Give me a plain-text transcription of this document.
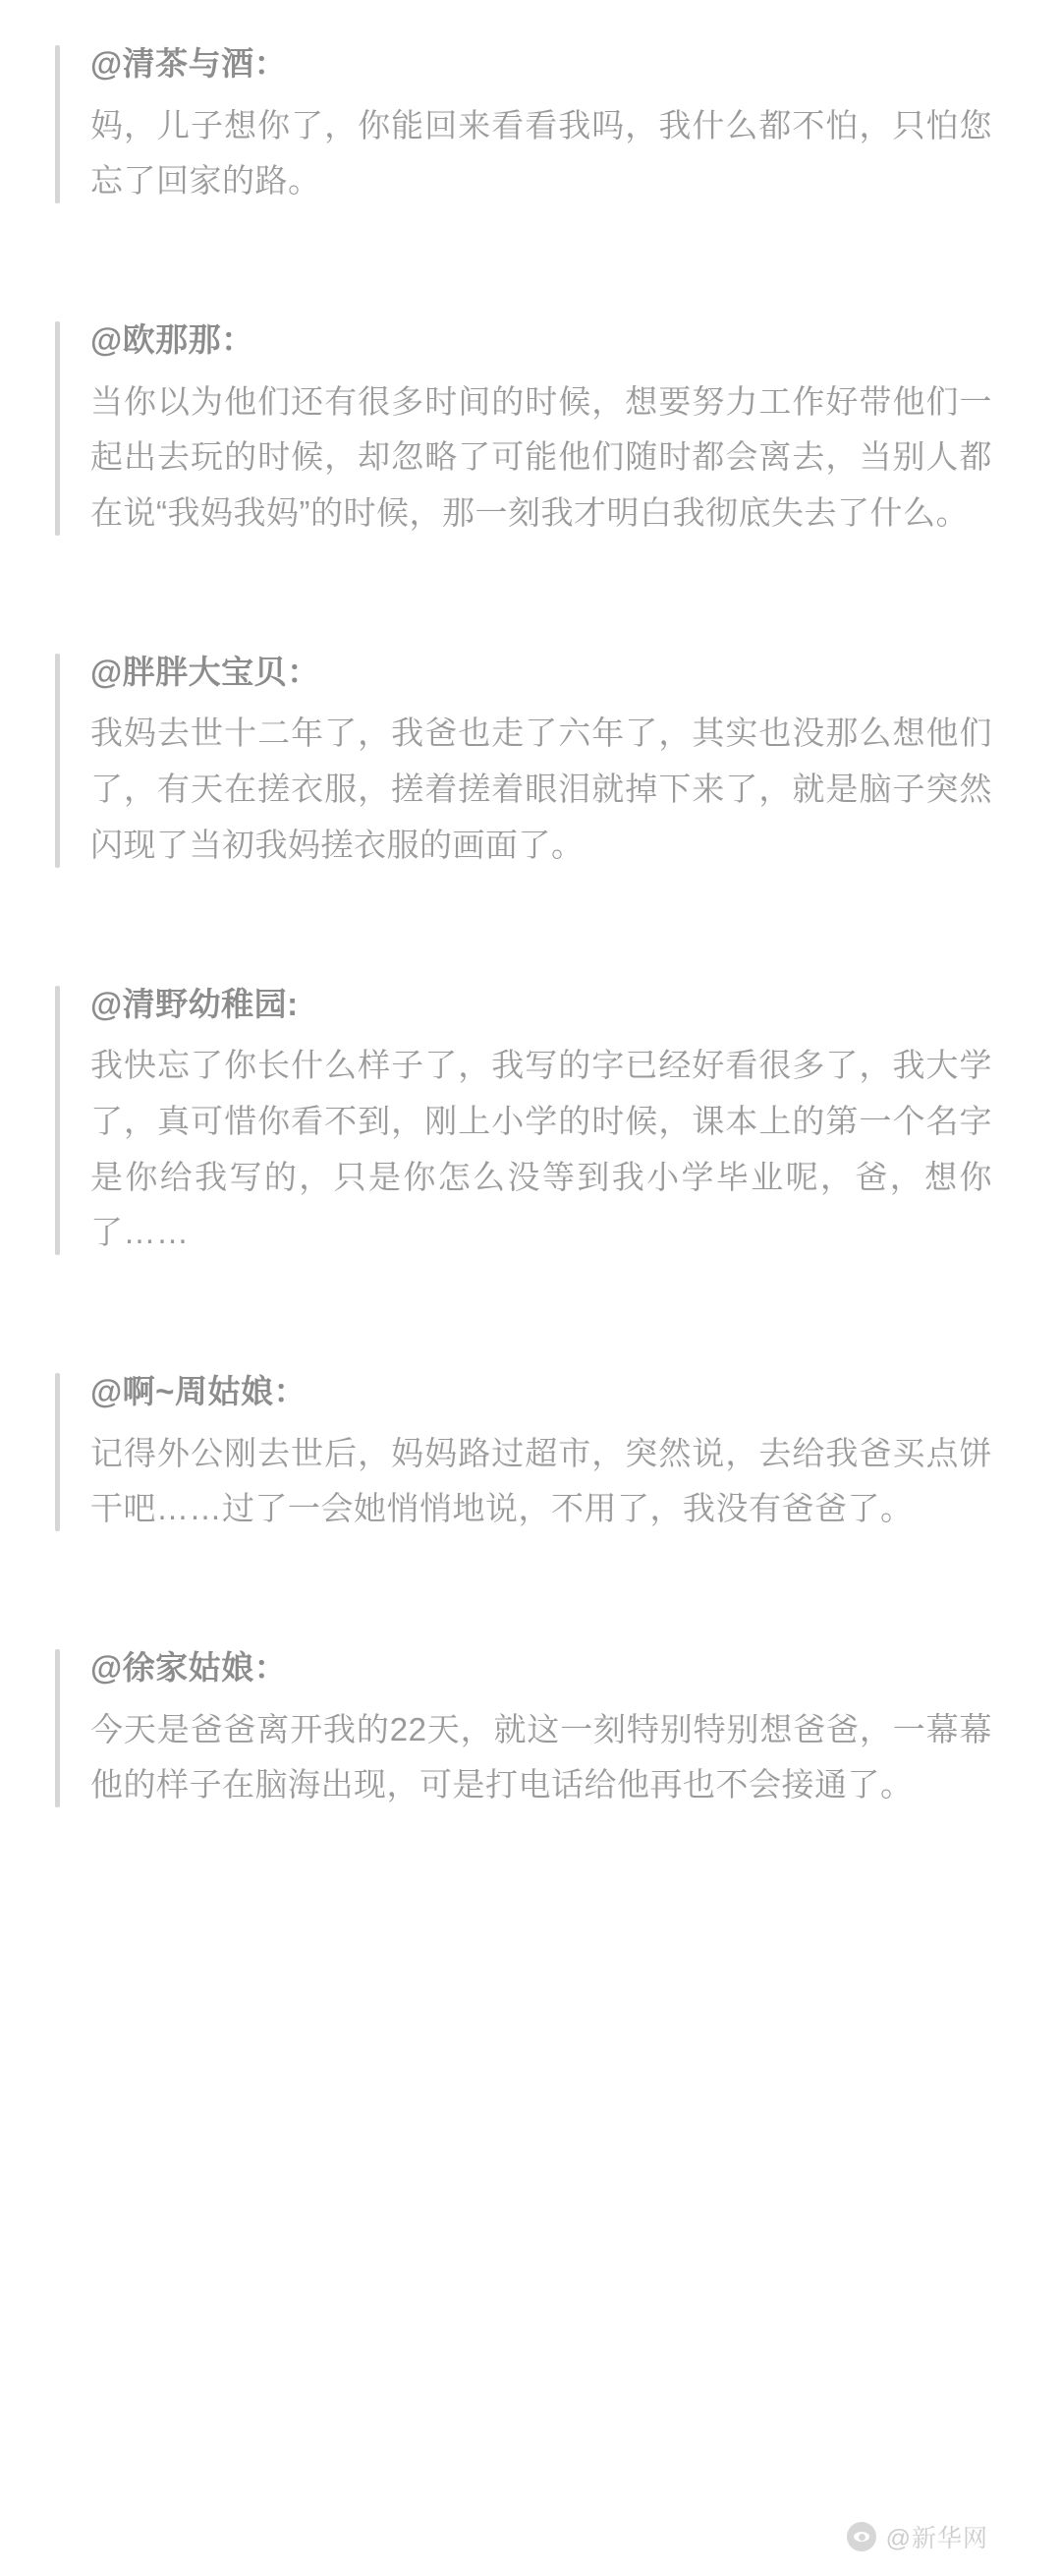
@清茶与酒：
妈，儿子想你了，你能回来看看我吗，我什么都不怕，只怕您忘了回家的路。
@欧那那：
当你以为他们还有很多时间的时候，想要努力工作好带他们一起出去玩的时候，却忽略了可能他们随时都会离去，当别人都在说“我妈我妈”的时候，那一刻我才明白我彻底失去了什么。
@胖胖大宝贝：
我妈去世十二年了，我爸也走了六年了，其实也没那么想他们了，有天在搓衣服，搓着搓着眼泪就掉下来了，就是脑子突然闪现了当初我妈搓衣服的画面了。
@清野幼稚园:
我快忘了你长什么样子了，我写的字已经好看很多了，我大学了，真可惜你看不到，刚上小学的时候，课本上的第一个名字是你给我写的，只是你怎么没等到我小学毕业呢，爸，想你了……
@啊~周姑娘：
记得外公刚去世后，妈妈路过超市，突然说，去给我爸买点饼干吧……过了一会她悄悄地说，不用了，我没有爸爸了。
@徐家姑娘：
今天是爸爸离开我的22天，就这一刻特别特别想爸爸，一幕幕他的样子在脑海出现，可是打电话给他再也不会接通了。
@新华网
